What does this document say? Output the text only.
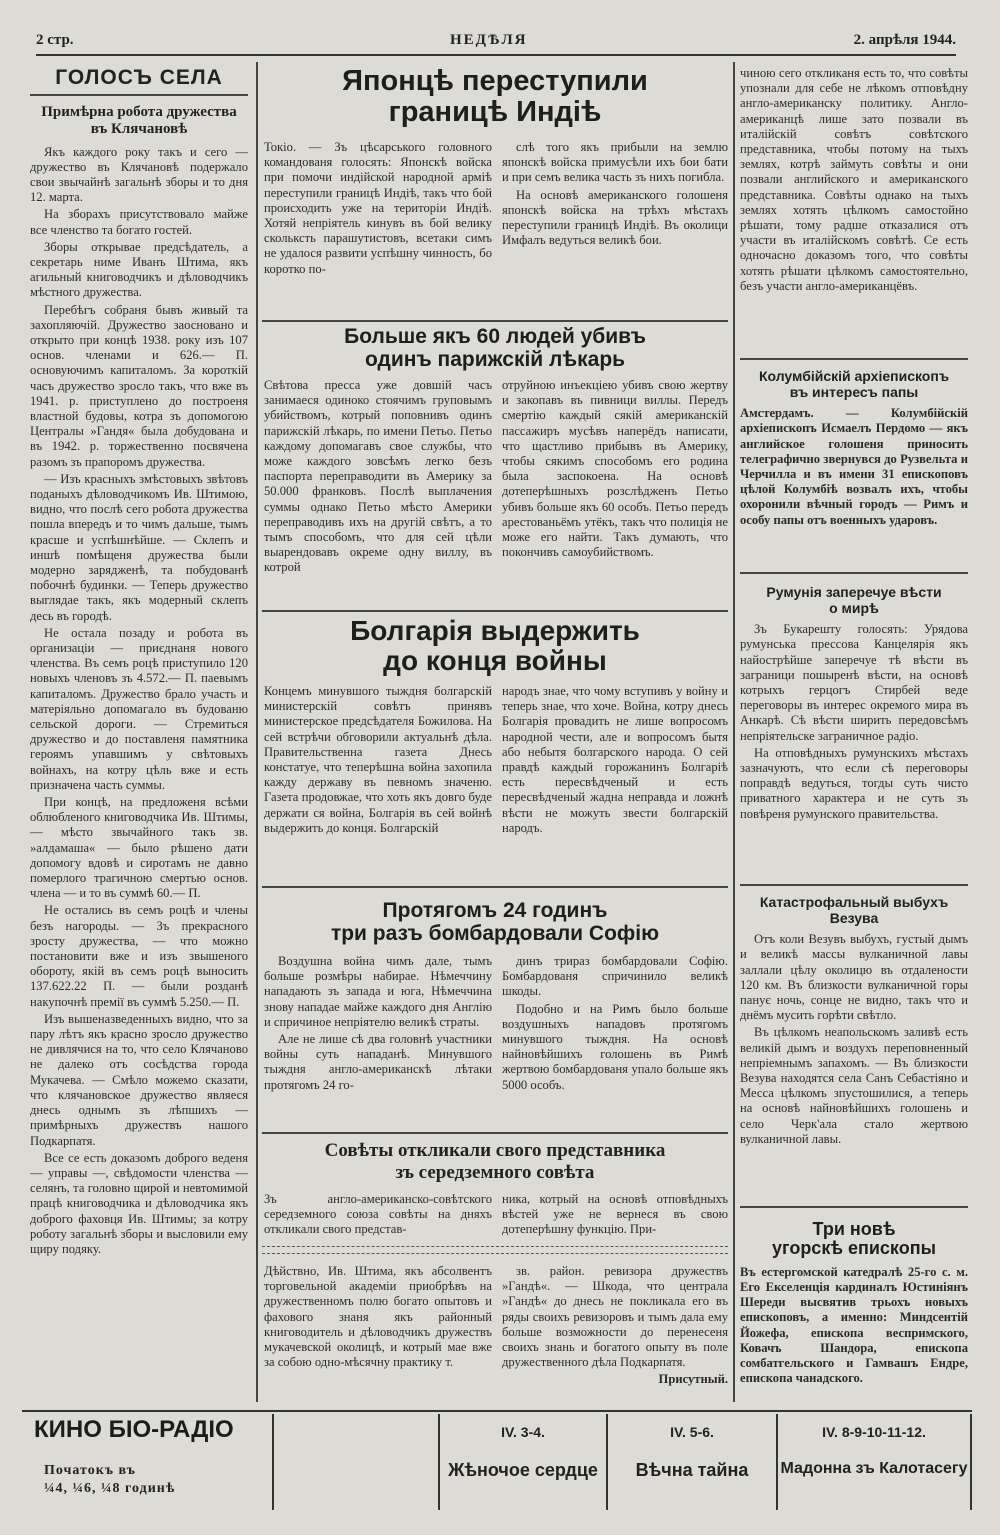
2 стр.	НЕДѢЛЯ	2. апрѣля 1944.
ГОЛОСЪ СЕЛА
Примѣрна робота дружества
въ Клячановѣ

Якъ каждого року такъ и сего — дружество въ Клячановѣ подержало свои звычайнѣ загальнѣ зборы и то дня 12. марта.

На зборахъ присутствовало майже все членство та богато гостей.

Зборы открывае предсѣдатель, а секретарь ниме Иванъ Штима, якъ агильный книговодчикъ и дѣловодчикъ мѣстного дружества.

Перебѣгъ собраня бывъ живый та захопляючій. Дружество заосновано и открыто при концѣ 1938. року изъ 107 основ. членами и 626.— П. основуючимъ капиталомъ. За короткій часъ дружество зросло такъ, что вже въ 1941. р. приступлено до построеня властной будовы, котра зъ допомогою Централы »Гандя« была добудована и въ 1942. р. торжественно посвячена разомъ зъ прапоромъ дружества.

— Изъ красныхъ змѣстовыхъ звѣтовъ поданыхъ дѣловодчикомъ Ив. Штимою, видно, что послѣ сего робота дружества пошла впередъ и то чимъ дальше, тымъ красше и успѣшнѣйше. — Склепъ и иншѣ помѣщеня дружества были модерно зарядженѣ, та побудованѣ побочнѣ будинки. — Теперь дружество выглядае такъ, якъ модерный склепъ десь въ городѣ.

Не остала позаду и робота въ организаціи — приєднаня нового членства. Въ семъ роцѣ приступило 120 новыхъ членовъ зъ 4.572.— П. паевымъ капиталомъ. Дружество брало участь и матеріяльно допомагало въ будованю сельской дороги. — Стремиться дружество и до поставленя памятника героямъ упавшимъ у свѣтовыхъ войнахъ, на котру цѣль вже и есть призначена часть суммы.

При концѣ, на предложеня всѣми облюбленого книговодчика Ив. Штимы, — мѣсто звычайного такъ зв. »алдамаша« — было рѣшено дати допомогу вдовѣ и сиротамъ не давно померлого трагичною смертью основ. члена — и то въ суммѣ 60.— П.

Не остались въ семъ роцѣ и члены безъ нагороды. — Зъ прекрасного зросту дружества, — что можно постановити вже и изъ звышеного обороту, якій въ семъ роцѣ выносить 137.622.22 П. — были розданѣ накупочнѣ премії въ суммѣ 5.250.— П.

Изъ вышеназведенныхъ видно, что за пару лѣтъ якъ красно зросло дружество не дивлячися на то, что село Клячаново не далеко отъ сосѣдства города Мукачева. — Смѣло можемо сказати, что клячановское дружество являеся днесь однымъ зъ лѣпшихъ — примѣрныхъ дружествъ нашого Подкарпатя.

Все се есть доказомъ доброго веденя — управы —, свѣдомости членства — селянъ, та головно щирой и невтомимой працѣ книговодчика и дѣловодчика якъ доброго фаховця Ив. Штимы; за котру роботу загальнѣ зборы и высловили ему щиру подяку.

Японцѣ переступили
границѣ Индіѣ
Токіо. — Зъ цѣсарського головного командованя голосять: Японскѣ войска при помочи индійской народной арміѣ переступили границѣ Индіѣ, такъ что бой происходить уже на територіи Индіѣ. Хотяй непріятель кинувъ въ бой велику скольксть парашутистовъ, всетаки симъ не удалося развити успѣшну чинность, бо коротко по-

слѣ того якъ прибыли на землю японскѣ войска примусѣли ихъ бои бати и при семъ велика часть зъ нихъ погибла.

На основѣ американского голошеня японскѣ войска на трѣхъ мѣстахъ переступили границѣ Индіѣ. Въ околици Имфалъ ведуться великѣ бои.

Больше якъ 60 людей убивъ
одинъ парижскій лѣкарь
Свѣтова пресса уже довшій часъ занимаеся одиноко стоячимъ груповымъ убийствомъ, котрый поповнивъ одинъ парижскій лѣкарь, по имени Петьо. Петьо каждому допомагавъ свое службы, что може каждого зовсѣмъ легко безъ паспорта переправодити въ Америку за 50.000 франковъ. Послѣ выплачения суммы однако Петьо мѣсто Америки переправодивъ ихъ на другій свѣтъ, а то тымъ способомъ, что для сей цѣли выарендовавъ окреме одну виллу, въ котрой
отруйною инъекціею убивъ свою жертву и закопавъ въ пивници виллы. Передъ смертію каждый сякій американскій пассажиръ мусѣвъ наперёдъ написати, что щастливо прибывъ въ Америку, чтобы сякимъ способомъ его родина была заспокоена. На основѣ дотеперѣшныхъ розслѣдженъ Петьо убивъ больше якъ 60 особъ. Петьо передъ арестованьёмъ утёкъ, такъ что полиція не може его найти. Такъ думають, что покончивъ самоубийствомъ.
Болгарія выдержить
до конця войны
Концемъ минувшого тыждня болгарскій министерскій совѣтъ принявъ министерское предсѣдателя Божилова. На сей встрѣчи обговорили актуальнѣ дѣла. Правительственна газета Днесь констатуе, что теперѣшна война захопила кажду державу въ певномъ значеню. Газета продовжае, что хоть якъ довго буде держати ся война, Болгарія въ сей войнѣ выдержить до конця. Болгарскій
народъ знае, что чому вступивъ у войну и теперь знае, что хоче. Война, котру днесь Болгарія провадить не лише вопросомъ народной чести, але и вопросомъ бытя або небытя болгарского народа. О сей правдѣ каждый горожанинъ Болгаріѣ есть пересвѣдченый и есть пересвѣдченый жадна неправда и ложнѣ вѣсти не можуть звести болгарскій народъ.
Протягомъ 24 годинъ
три разъ бомбардовали Софію

Воздушна война чимъ дале, тымъ больше розмѣры набирае. Нѣмеччину нападають зъ запада и юга, Нѣмеччина знову нападае майже каждого дня Англію и спричиное непріятелю великѣ страты.

Але не лише сѣ два головнѣ участники войны суть нападанѣ. Минувшого тыждня англо-американскѣ лѣтаки протягомъ 24 го-

динъ трираз бомбардовали Софію. Бомбардованя спричинило великѣ шкоды.

Подобно и на Римъ было больше воздушныхъ нападовъ протягомъ минувшого тыждня. На основѣ найновѣйшихъ голошень въ Римѣ жертвою бомбардованя упало больше якъ 5000 особъ.

Совѣты откликали свого представника
зъ середземного совѣта
Зъ англо-американско-совѣтского середземного союза совѣты на дняхъ откликали свого представ-
ника, котрый на основѣ отповѣдныхъ вѣстей уже не вернеся въ свою дотеперѣшну функцію. При-
Дѣйствно, Ив. Штима, якъ абсолвентъ торговельной академіи приобрѣвъ на дружественномъ полю богато опытовъ и фахового знаня якъ районный книговодитель и дѣловодчикъ дружествъ мукачевской околицѣ, и котрый мае вже за собою одно-мѣсячну практику т.

зв. район. ревизора дружествъ »Гандѣ«. — Шкода, что централа »Гандѣ« до днесь не покликала его въ ряды своихъ ревизоровъ и тымъ дала ему больше возможности до перенесеня своихъ знань и богатого опыту въ поле дружественного дѣла Подкарпатя.

Присутный.
чиною сего откликаня есть то, что совѣты упознали для себе не лѣкомъ отповѣдну англо-американску политику. Англо-американцѣ лише зато позвали въ италійскій совѣтъ совѣтского представника, чтобы потому на тыхъ землях, котрѣ займуть совѣты и они позвали английского и американского представника. Совѣты однако на тыхъ землях хотять цѣлкомъ самостойно рѣшати, тому радше отказалися отъ участи въ италійскомъ совѣтѣ. Се есть одночасно доказомъ того, что совѣты хотять рѣшати цѣлкомъ самостоятельно, безъ участи англо-американцёвъ.
Колумбійскій архіепископъ
въ интересъ папы
Амстердамъ. — Колумбійскій архіепископъ Исмаелъ Пердомо — якъ английское голошеня приносить телеграфично звернувся до Рузвельта и Черчилла и въ имени 31 епископовъ цѣлой Колумбіѣ возвалъ ихъ, чтобы охоронили вѣчный городъ — Римъ и особу папы отъ военныхъ ударовъ.
Румунія заперечуе вѣсти
о мирѣ

Зъ Букарешту голосять: Урядова румунська пресcова Канцелярія якъ найострѣйше заперечуе тѣ вѣсти въ заграници пошыренѣ вѣсти, на основѣ котрыхъ герцогъ Стирбей веде переговоры въ интерес окремого мира въ Анкарѣ. Сѣ вѣсти ширить передовсѣмъ непріятельске заграничное радіо.

На отповѣдныхъ румунскихъ мѣстахъ зазначують, что если сѣ переговоры поправдѣ ведуться, тогды суть чисто приватного характера и не суть зъ повѣреня румунского правительства.

Катастрофальный выбухъ
Везува

Отъ коли Везувъ выбухъ, густый дымъ и великѣ массы вулканичной лавы заллали цѣлу околицю въ отдалености 120 км. Въ близкости вулканичной горы панує ночь, сонце не видно, такъ что и днёмъ мусить горѣти свѣтло.

Въ цѣлкомъ неапольскомъ заливѣ есть великій дымъ и воздухъ переповненный непріемнымъ запахомъ. — Въ близкости Везува находятся села Санъ Себастіяно и Месса цѣлкомъ зпустошилися, а теперь на основѣ найновѣйшихъ голошень и село Черк'ала стало жертвою вулканичной лавы.

Три новѣ
угорскѣ епископы
Въ естергомской катедралѣ 25-го с. м. Его Екселенція кардиналъ Юстиніянъ Шереди высвятив трьохъ новыхъ епископовъ, а именно: Миндсентій Йожефа, епископа веспримского, Ковачъ Шандора, епископа сомбатгельского и Гамвашъ Ендре, епископа чанадского.
КИНО БІО-РАДІО
Початокъ въ
¼4, ¼6, ¼8 годинѣ
IV. 3-4.
Жѣночое сердце
IV. 5-6.
Вѣчна тайна
IV. 8-9-10-11-12.
Мадонна зъ Калотасегу
